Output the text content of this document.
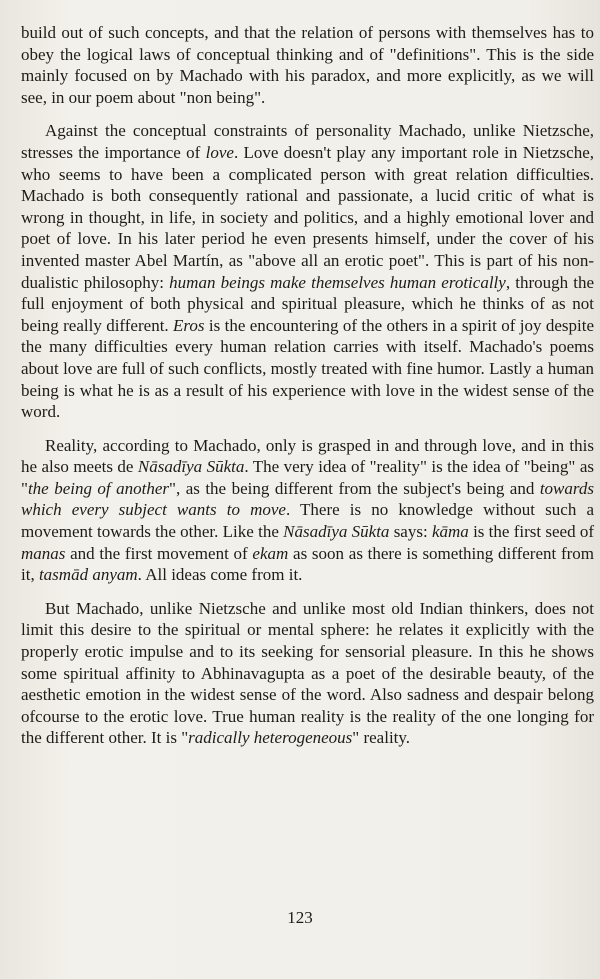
build out of such concepts, and that the relation of persons with themselves has to obey the logical laws of conceptual thinking and of "definitions". This is the side mainly focused on by Machado with his paradox, and more explicitly, as we will see, in our poem about "non being".

Against the conceptual constraints of personality Machado, unlike Nietzsche, stresses the importance of love. Love doesn't play any important role in Nietzsche, who seems to have been a complicated person with great relation difficulties. Machado is both consequently rational and passionate, a lucid critic of what is wrong in thought, in life, in society and politics, and a highly emotional lover and poet of love. In his later period he even presents himself, under the cover of his invented master Abel Martín, as "above all an erotic poet". This is part of his non-dualistic philosophy: human beings make themselves human erotically, through the full enjoyment of both physical and spiritual pleasure, which he thinks of as not being really different. Eros is the encountering of the others in a spirit of joy despite the many difficulties every human relation carries with itself. Machado's poems about love are full of such conflicts, mostly treated with fine humor. Lastly a human being is what he is as a result of his experience with love in the widest sense of the word.

Reality, according to Machado, only is grasped in and through love, and in this he also meets de Nāsadīya Sūkta. The very idea of "reality" is the idea of "being" as "the being of another", as the being different from the subject's being and towards which every subject wants to move. There is no knowledge without such a movement towards the other. Like the Nāsadīya Sūkta says: kāma is the first seed of manas and the first movement of ekam as soon as there is something different from it, tasmād anyam. All ideas come from it.

But Machado, unlike Nietzsche and unlike most old Indian thinkers, does not limit this desire to the spiritual or mental sphere: he relates it explicitly with the properly erotic impulse and to its seeking for sensorial pleasure. In this he shows some spiritual affinity to Abhinavagupta as a poet of the desirable beauty, of the aesthetic emotion in the widest sense of the word. Also sadness and despair belong ofcourse to the erotic love. True human reality is the reality of the one longing for the different other. It is "radically heterogeneous" reality.

123
